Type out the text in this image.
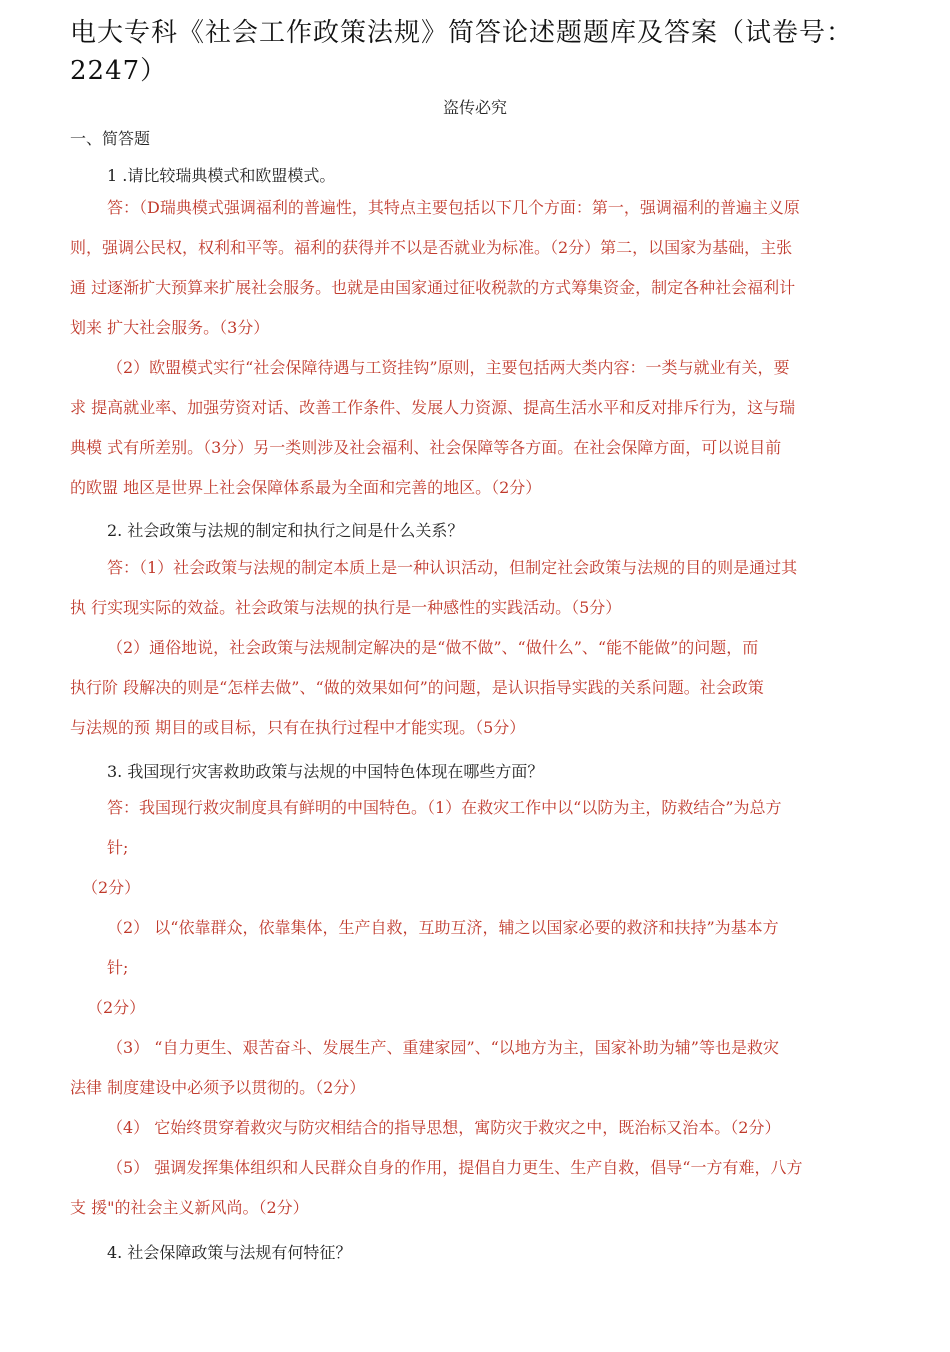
电大专科《社会工作政策法规》简答论述题题库及答案（试卷号：
2247）
盗传必究
一、简答题
1 .请比较瑞典模式和欧盟模式。
答：（D瑞典模式强调福利的普遍性，其特点主要包括以下几个方面：第一，强调福利的普遍主义原
则，强调公民权，权利和平等。福利的获得并不以是否就业为标准。（2分）第二，以国家为基础，主张
通 过逐渐扩大预算来扩展社会服务。也就是由国家通过征收税款的方式筹集资金，制定各种社会福利计
划来 扩大社会服务。（3分）
（2）欧盟模式实行“社会保障待遇与工资挂钩”原则，主要包括两大类内容：一类与就业有关，要
求 提高就业率、加强劳资对话、改善工作条件、发展人力资源、提高生活水平和反对排斥行为，这与瑞
典模 式有所差别。（3分）另一类则涉及社会福利、社会保障等各方面。在社会保障方面，可以说目前
的欧盟 地区是世界上社会保障体系最为全面和完善的地区。（2分）
2. 社会政策与法规的制定和执行之间是什么关系？
答：（1）社会政策与法规的制定本质上是一种认识活动，但制定社会政策与法规的目的则是通过其
执 行实现实际的效益。社会政策与法规的执行是一种感性的实践活动。（5分）
（2）通俗地说，社会政策与法规制定解决的是“做不做”、“做什么”、“能不能做”的问题，而
执行阶 段解决的则是“怎样去做”、“做的效果如何”的问题，是认识指导实践的关系问题。社会政策
与法规的预 期目的或目标，只有在执行过程中才能实现。（5分）
3. 我国现行灾害救助政策与法规的中国特色体现在哪些方面？
答：我国现行救灾制度具有鲜明的中国特色。（1）在救灾工作中以“以防为主，防救结合”为总方
针;
（2分）
（2） 以“依靠群众，依靠集体，生产自救，互助互济，辅之以国家必要的救济和扶持”为基本方
针;
（2分）
（3） “自力更生、艰苦奋斗、发展生产、重建家园”、“以地方为主，国家补助为辅”等也是救灾
法律 制度建设中必须予以贯彻的。（2分）
（4） 它始终贯穿着救灾与防灾相结合的指导思想，寓防灾于救灾之中，既治标又治本。（2分）
（5） 强调发挥集体组织和人民群众自身的作用，提倡自力更生、生产自救，倡导“一方有难，八方
支 援"的社会主义新风尚。（2分）
4. 社会保障政策与法规有何特征？
